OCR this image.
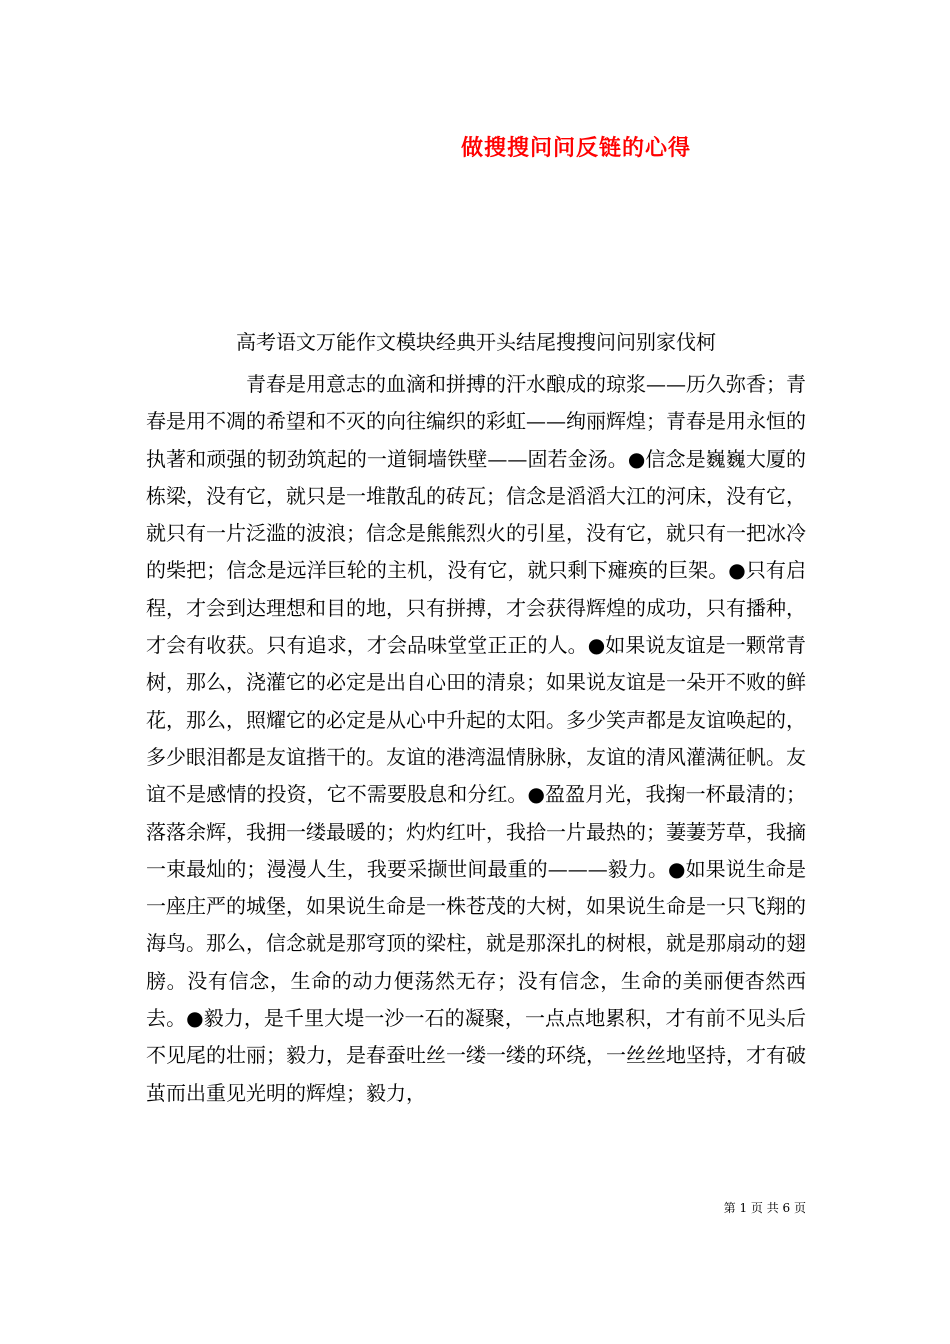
做搜搜问问反链的心得
高考语文万能作文模块经典开头结尾搜搜问问别家伐柯

青春是用意志的血滴和拼搏的汗水酿成的琼浆——历久弥香；青春是用不凋的希望和不灭的向往编织的彩虹——绚丽辉煌；青春是用永恒的执著和顽强的韧劲筑起的一道铜墙铁壁——固若金汤。●信念是巍巍大厦的栋梁，没有它，就只是一堆散乱的砖瓦；信念是滔滔大江的河床，没有它，就只有一片泛滥的波浪；信念是熊熊烈火的引星，没有它，就只有一把冰冷的柴把；信念是远洋巨轮的主机，没有它，就只剩下瘫痪的巨架。●只有启程，才会到达理想和目的地，只有拼搏，才会获得辉煌的成功，只有播种，才会有收获。只有追求，才会品味堂堂正正的人。●如果说友谊是一颗常青树，那么，浇灌它的必定是出自心田的清泉；如果说友谊是一朵开不败的鲜花，那么，照耀它的必定是从心中升起的太阳。多少笑声都是友谊唤起的，多少眼泪都是友谊揩干的。友谊的港湾温情脉脉，友谊的清风灌满征帆。友谊不是感情的投资，它不需要股息和分红。●盈盈月光，我掬一杯最清的；落落余辉，我拥一缕最暖的；灼灼红叶，我拾一片最热的；萋萋芳草，我摘一束最灿的；漫漫人生，我要采撷世间最重的———毅力。●如果说生命是一座庄严的城堡，如果说生命是一株苍茂的大树，如果说生命是一只飞翔的海鸟。那么，信念就是那穹顶的梁柱，就是那深扎的树根，就是那扇动的翅膀。没有信念，生命的动力便荡然无存；没有信念，生命的美丽便杳然西去。●毅力，是千里大堤一沙一石的凝聚，一点点地累积，才有前不见头后不见尾的壮丽；毅力，是春蚕吐丝一缕一缕的环绕，一丝丝地坚持，才有破茧而出重见光明的辉煌；毅力，

第 1 页 共 6 页
